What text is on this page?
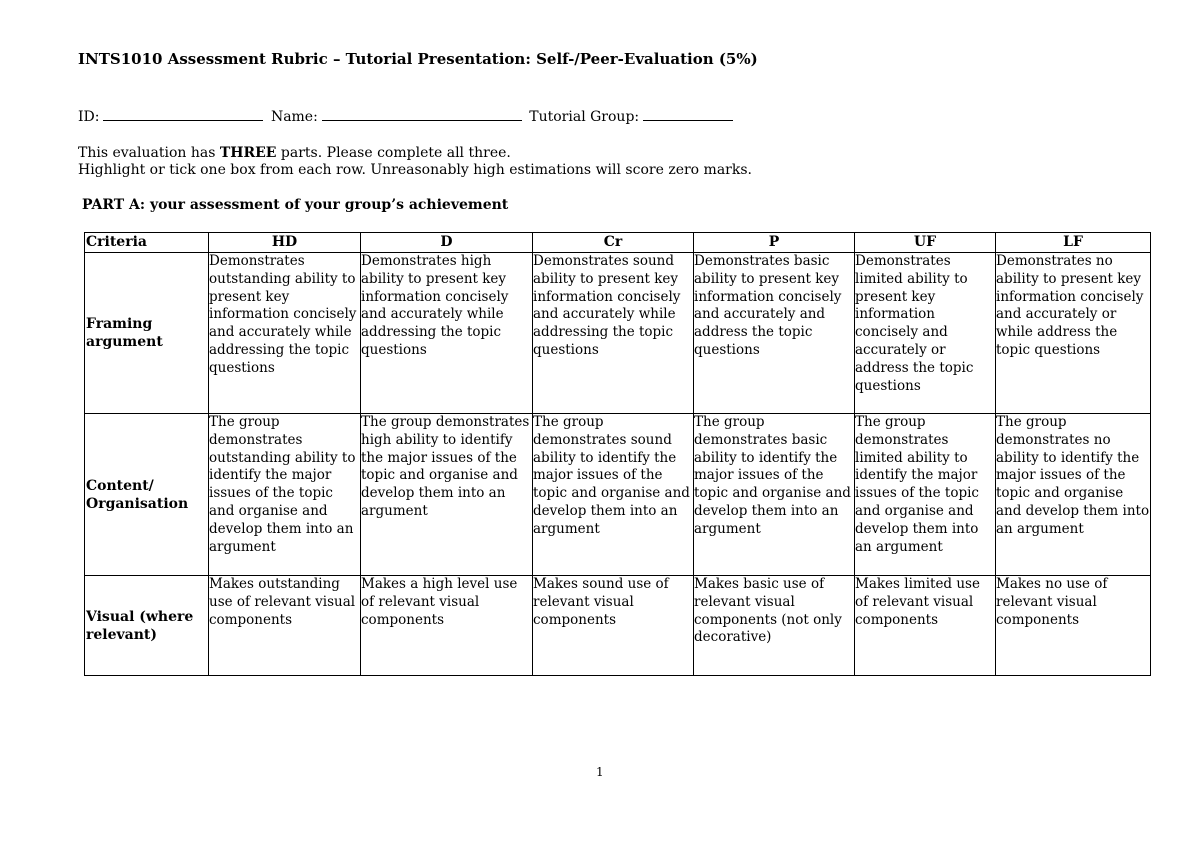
INTS1010 Assessment Rubric – Tutorial Presentation: Self-/Peer-Evaluation (5%)
ID:	Name:	Tutorial Group:
This evaluation has THREE parts. Please complete all three.
Highlight or tick one box from each row. Unreasonably high estimations will score zero marks.
PART A: your assessment of your group’s achievement
Criteria	HD	D	Cr	P	UF	LF
Framing argument	Demonstrates outstanding ability to present key information concisely and accurately while addressing the topic questions	Demonstrates high ability to present key information concisely and accurately while addressing the topic questions	Demonstrates sound ability to present key information concisely and accurately while addressing the topic questions	Demonstrates basic ability to present key information concisely and accurately and address the topic questions	Demonstrates limited ability to present key information concisely and accurately or address the topic questions	Demonstrates no ability to present key information concisely and accurately or while address the topic questions
Content/ Organisation	The group demonstrates outstanding ability to identify the major issues of the topic and organise and develop them into an argument	The group demonstrates high ability to identify the major issues of the topic and organise and develop them into an argument	The group demonstrates sound ability to identify the major issues of the topic and organise and develop them into an argument	The group demonstrates basic ability to identify the major issues of the topic and organise and develop them into an argument	The group demonstrates limited ability to identify the major issues of the topic and organise and develop them into an argument	The group demonstrates no ability to identify the major issues of the topic and organise and develop them into an argument
Visual (where relevant)	Makes outstanding use of relevant visual components	Makes a high level use of relevant visual components	Makes sound use of relevant visual components	Makes basic use of relevant visual components (not only decorative)	Makes limited use of relevant visual components	Makes no use of relevant visual components
1
